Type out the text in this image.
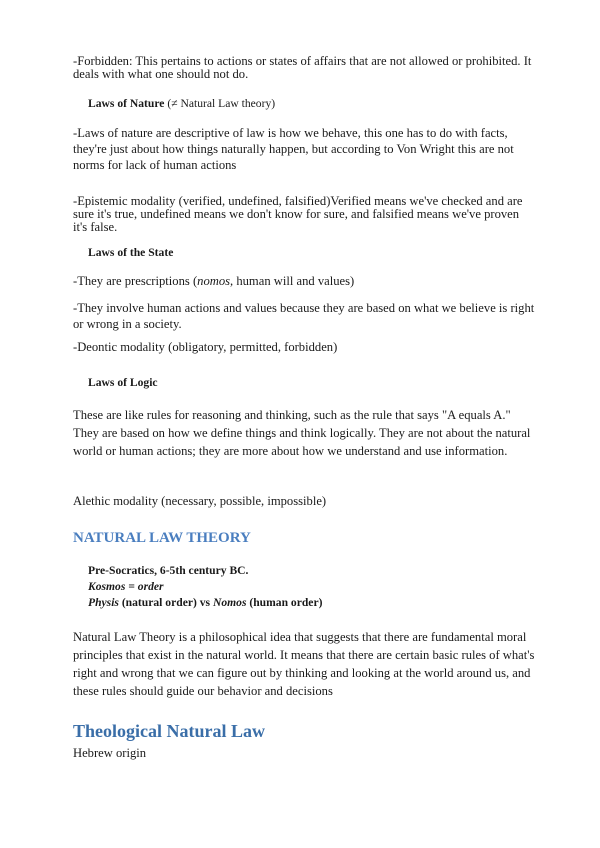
-Forbidden: This pertains to actions or states of affairs that are not allowed or prohibited. It deals with what one should not do.

Laws of Nature (≠ Natural Law theory)

-Laws of nature are descriptive of law is how we behave, this one has to do with facts, they're just about how things naturally happen, but according to Von Wright this are not norms for lack of human actions

-Epistemic modality (verified, undefined, falsified)Verified means we've checked and are sure it's true, undefined means we don't know for sure, and falsified means we've proven it's false.

Laws of the State

-They are prescriptions (nomos, human will and values)

-They involve human actions and values because they are based on what we believe is right or wrong in a society.

-Deontic modality (obligatory, permitted, forbidden)

Laws of Logic

These are like rules for reasoning and thinking, such as the rule that says "A equals A." They are based on how we define things and think logically. They are not about the natural world or human actions; they are more about how we understand and use information.

Alethic modality (necessary, possible, impossible)

NATURAL LAW THEORY

Pre-Socratics, 6-5th century BC.

Kosmos = order

Physis (natural order) vs Nomos (human order)

Natural Law Theory is a philosophical idea that suggests that there are fundamental moral principles that exist in the natural world. It means that there are certain basic rules of what's right and wrong that we can figure out by thinking and looking at the world around us, and these rules should guide our behavior and decisions

Theological Natural Law

Hebrew origin
